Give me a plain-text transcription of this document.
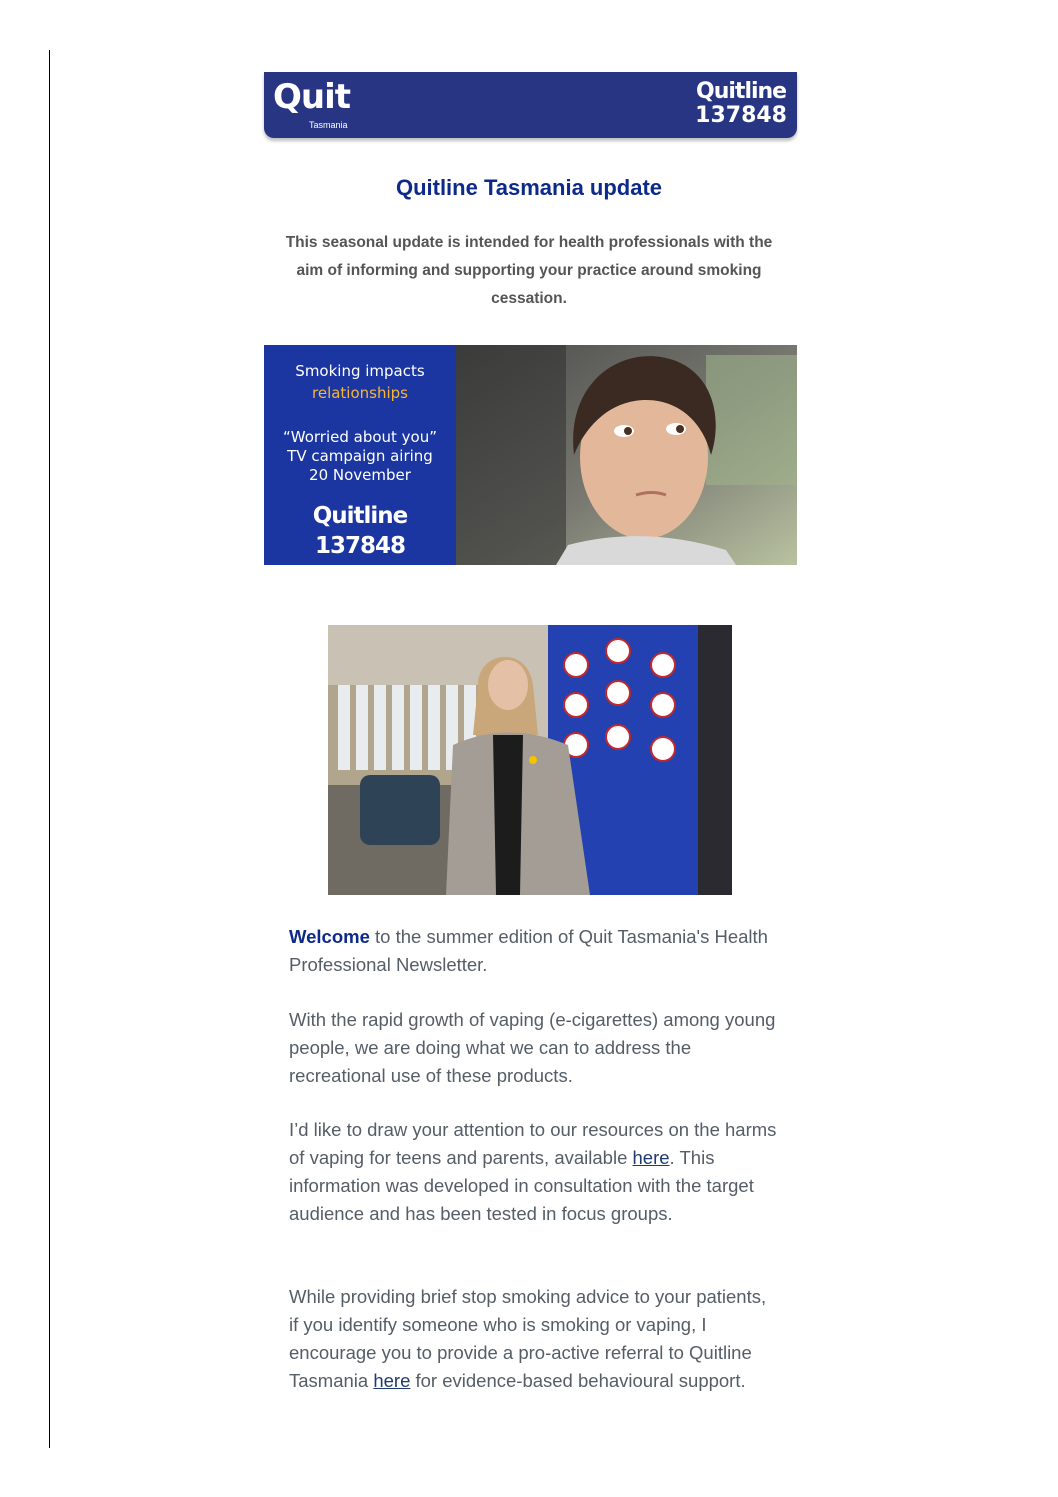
Quit
Tasmania
Quitline
137848
Quitline Tasmania update

This seasonal update is intended for health professionals with the aim of informing and supporting your practice around smoking cessation.

Smoking impacts
relationships
“Worried about you”
TV campaign airing
20 November
Quitline
137848

Welcome to the summer edition of Quit Tasmania's Health Professional Newsletter.

With the rapid growth of vaping (e-cigarettes) among young people, we are doing what we can to address the recreational use of these products.

I’d like to draw your attention to our resources on the harms of vaping for teens and parents, available here. This information was developed in consultation with the target audience and has been tested in focus groups.

While providing brief stop smoking advice to your patients, if you identify someone who is smoking or vaping, I encourage you to provide a pro-active referral to Quitline Tasmania here for evidence-based behavioural support.
